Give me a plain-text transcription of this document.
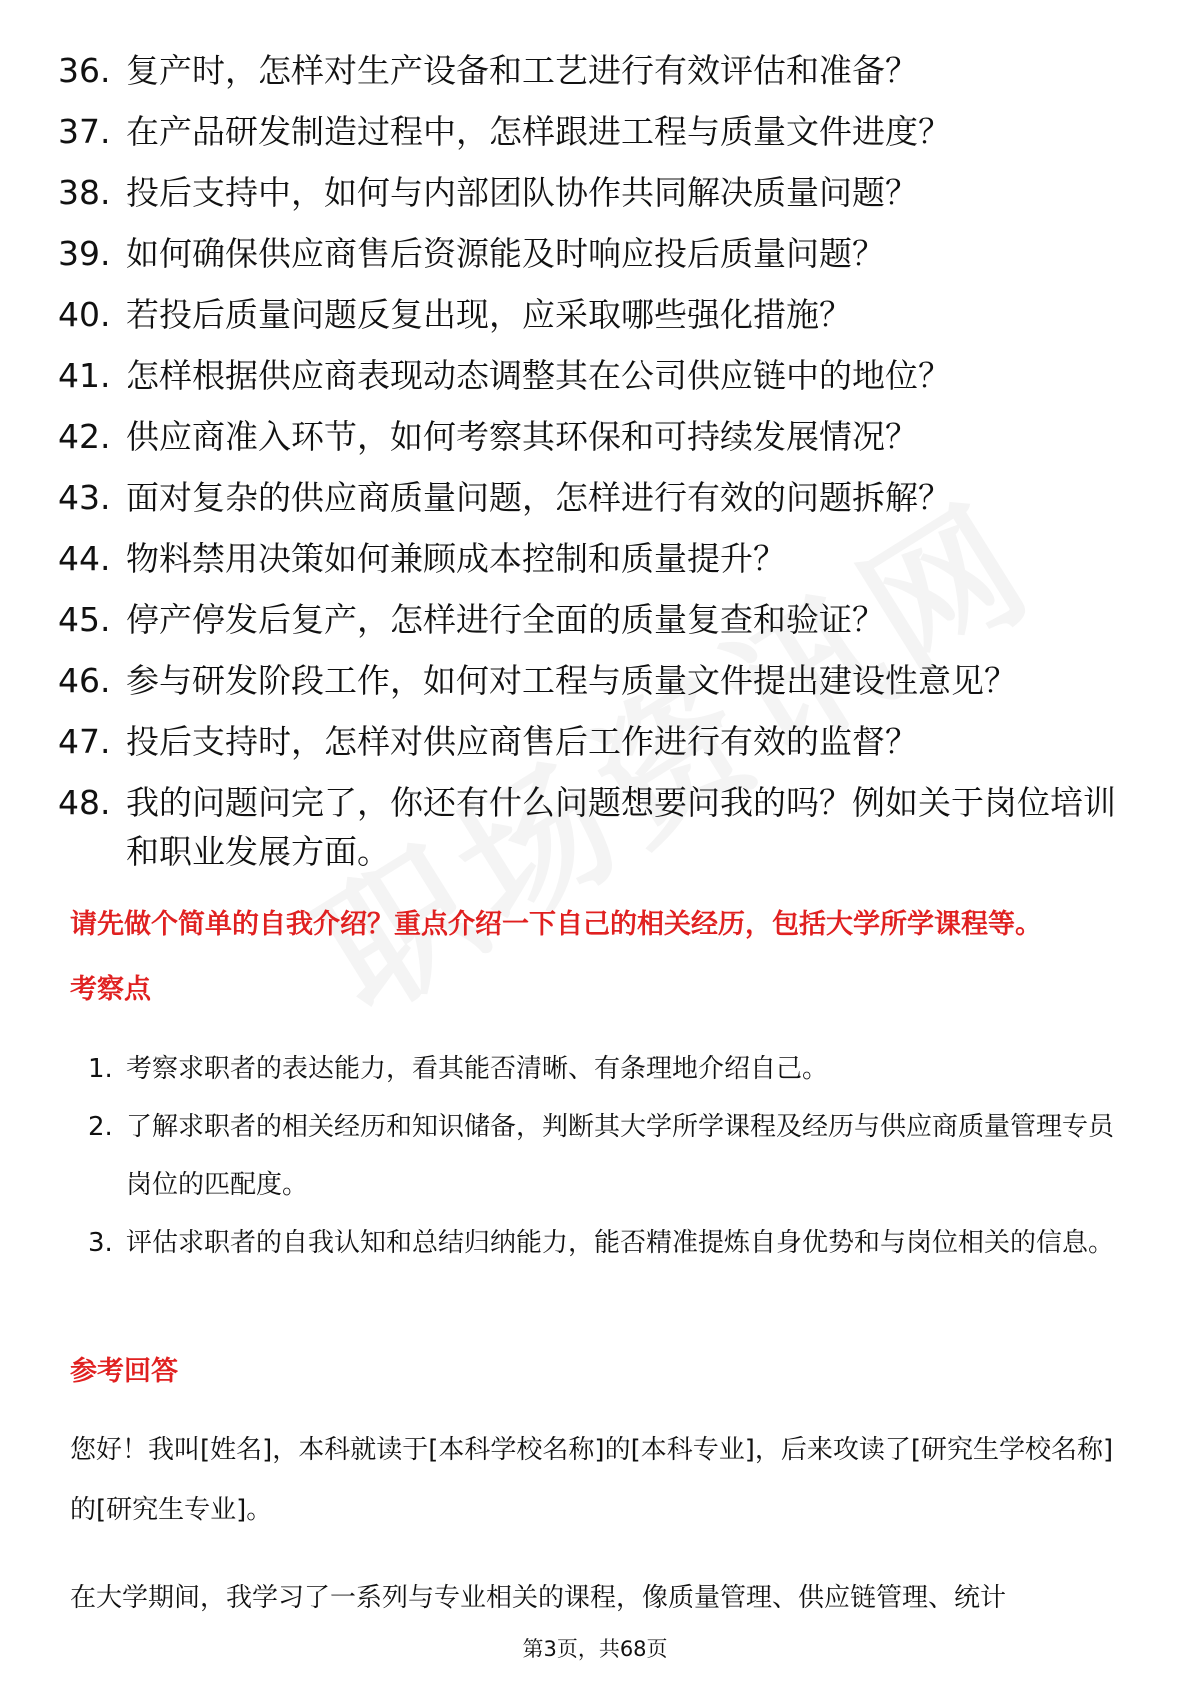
36. 复产时，怎样对生产设备和工艺进行有效评估和准备？
37. 在产品研发制造过程中，怎样跟进工程与质量文件进度？
38. 投后支持中，如何与内部团队协作共同解决质量问题？
39. 如何确保供应商售后资源能及时响应投后质量问题？
40. 若投后质量问题反复出现，应采取哪些强化措施？
41. 怎样根据供应商表现动态调整其在公司供应链中的地位？
42. 供应商准入环节，如何考察其环保和可持续发展情况？
43. 面对复杂的供应商质量问题，怎样进行有效的问题拆解？
44. 物料禁用决策如何兼顾成本控制和质量提升？
45. 停产停发后复产，怎样进行全面的质量复查和验证？
46. 参与研发阶段工作，如何对工程与质量文件提出建设性意见？
47. 投后支持时，怎样对供应商售后工作进行有效的监督？
48. 我的问题问完了，你还有什么问题想要问我的吗？例如关于岗位培训和职业发展方面。
请先做个简单的自我介绍？重点介绍一下自己的相关经历，包括大学所学课程等。
考察点
1. 考察求职者的表达能力，看其能否清晰、有条理地介绍自己。
2. 了解求职者的相关经历和知识储备，判断其大学所学课程及经历与供应商质量管理专员岗位的匹配度。
3. 评估求职者的自我认知和总结归纳能力，能否精准提炼自身优势和与岗位相关的信息。
参考回答
您好！我叫[姓名]，本科就读于[本科学校名称]的[本科专业]，后来攻读了[研究生学校名称]的[研究生专业]。
在大学期间，我学习了一系列与专业相关的课程，像质量管理、供应链管理、统计
第3页，共68页
